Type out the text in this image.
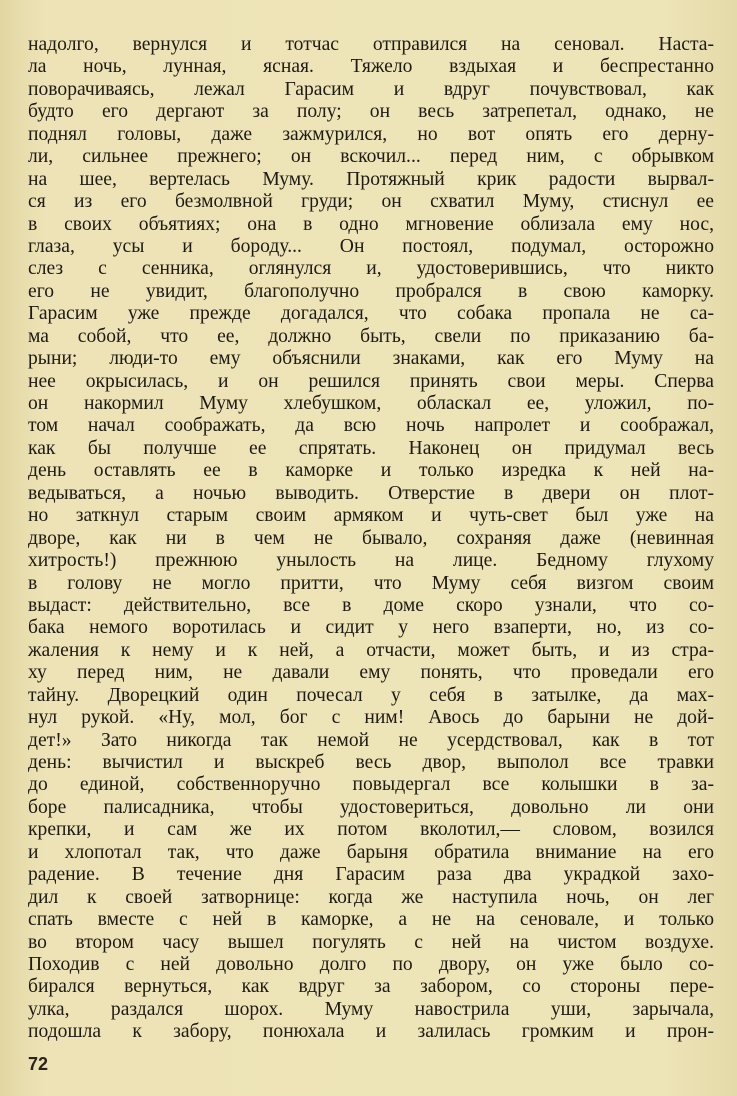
надолго, вернулся и тотчас отправился на сеновал. Наста-
ла ночь, лунная, ясная. Тяжело вздыхая и беспрестанно
поворачиваясь, лежал Гарасим и вдруг почувствовал, как
будто его дергают за полу; он весь затрепетал, однако, не
поднял головы, даже зажмурился, но вот опять его дерну-
ли, сильнее прежнего; он вскочил... перед ним, с обрывком
на шее, вертелась Муму. Протяжный крик радости вырвал-
ся из его безмолвной груди; он схватил Муму, стиснул ее
в своих объятиях; она в одно мгновение облизала ему нос,
глаза, усы и бороду... Он постоял, подумал, осторожно
слез с сенника, оглянулся и, удостоверившись, что никто
его не увидит, благополучно пробрался в свою каморку.
Гарасим уже прежде догадался, что собака пропала не са-
ма собой, что ее, должно быть, свели по приказанию ба-
рыни; люди-то ему объяснили знаками, как его Муму на
нее окрысилась, и он решился принять свои меры. Сперва
он накормил Муму хлебушком, обласкал ее, уложил, по-
том начал соображать, да всю ночь напролет и соображал,
как бы получше ее спрятать. Наконец он придумал весь
день оставлять ее в каморке и только изредка к ней на-
ведываться, а ночью выводить. Отверстие в двери он плот-
но заткнул старым своим армяком и чуть-свет был уже на
дворе, как ни в чем не бывало, сохраняя даже (невинная
хитрость!) прежнюю унылость на лице. Бедному глухому
в голову не могло притти, что Муму себя визгом своим
выдаст: действительно, все в доме скоро узнали, что со-
бака немого воротилась и сидит у него взаперти, но, из со-
жаления к нему и к ней, а отчасти, может быть, и из стра-
ху перед ним, не давали ему понять, что проведали его
тайну. Дворецкий один почесал у себя в затылке, да мах-
нул рукой. «Ну, мол, бог с ним! Авось до барыни не дой-
дет!» Зато никогда так немой не усердствовал, как в тот
день: вычистил и выскреб весь двор, выполол все травки
до единой, собственноручно повыдергал все колышки в за-
боре палисадника, чтобы удостовериться, довольно ли они
крепки, и сам же их потом вколотил,— словом, возился
и хлопотал так, что даже барыня обратила внимание на его
радение. В течение дня Гарасим раза два украдкой захо-
дил к своей затворнице: когда же наступила ночь, он лег
спать вместе с ней в каморке, а не на сеновале, и только
во втором часу вышел погулять с ней на чистом воздухе.
Походив с ней довольно долго по двору, он уже было со-
бирался вернуться, как вдруг за забором, со стороны пере-
улка, раздался шорох. Муму навострила уши, зарычала,
подошла к забору, понюхала и залилась громким и прон-
72
